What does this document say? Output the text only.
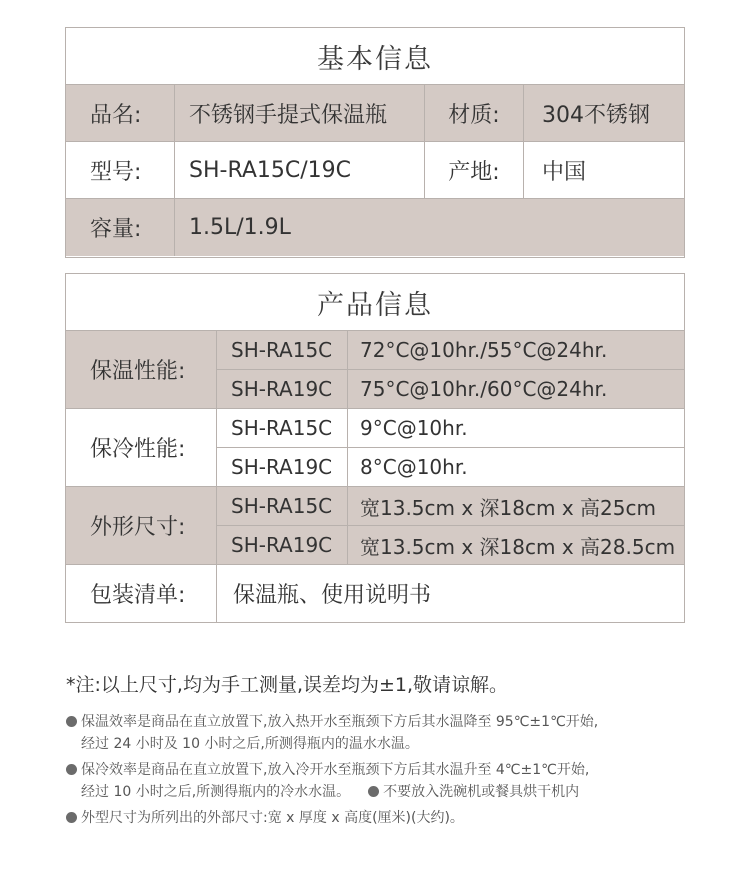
基本信息
品名:	不锈钢手提式保温瓶	材质:	304不锈钢
型号:	SH-RA15C/19C	产地:	中国
容量:	1.5L/1.9L
产品信息
保温性能:
SH-RA15C	72°C@10hr./55°C@24hr.
SH-RA19C	75°C@10hr./60°C@24hr.
保冷性能:
SH-RA15C	9°C@10hr.
SH-RA19C	8°C@10hr.
外形尺寸:
SH-RA15C	宽13.5cm x 深18cm x 高25cm
SH-RA19C	宽13.5cm x 深18cm x 高28.5cm
包装清单:	保温瓶、使用说明书
*注:以上尺寸,均为手工测量,误差均为±1,敬请谅解。
保温效率是商品在直立放置下,放入热开水至瓶颈下方后其水温降至 95℃±1℃开始,
经过 24 小时及 10 小时之后,所测得瓶内的温水水温。
保冷效率是商品在直立放置下,放入冷开水至瓶颈下方后其水温升至 4℃±1℃开始,
经过 10 小时之后,所测得瓶内的冷水水温。 不要放入洗碗机或餐具烘干机内
外型尺寸为所列出的外部尺寸:宽 x 厚度 x 高度(厘米)(大约)。
